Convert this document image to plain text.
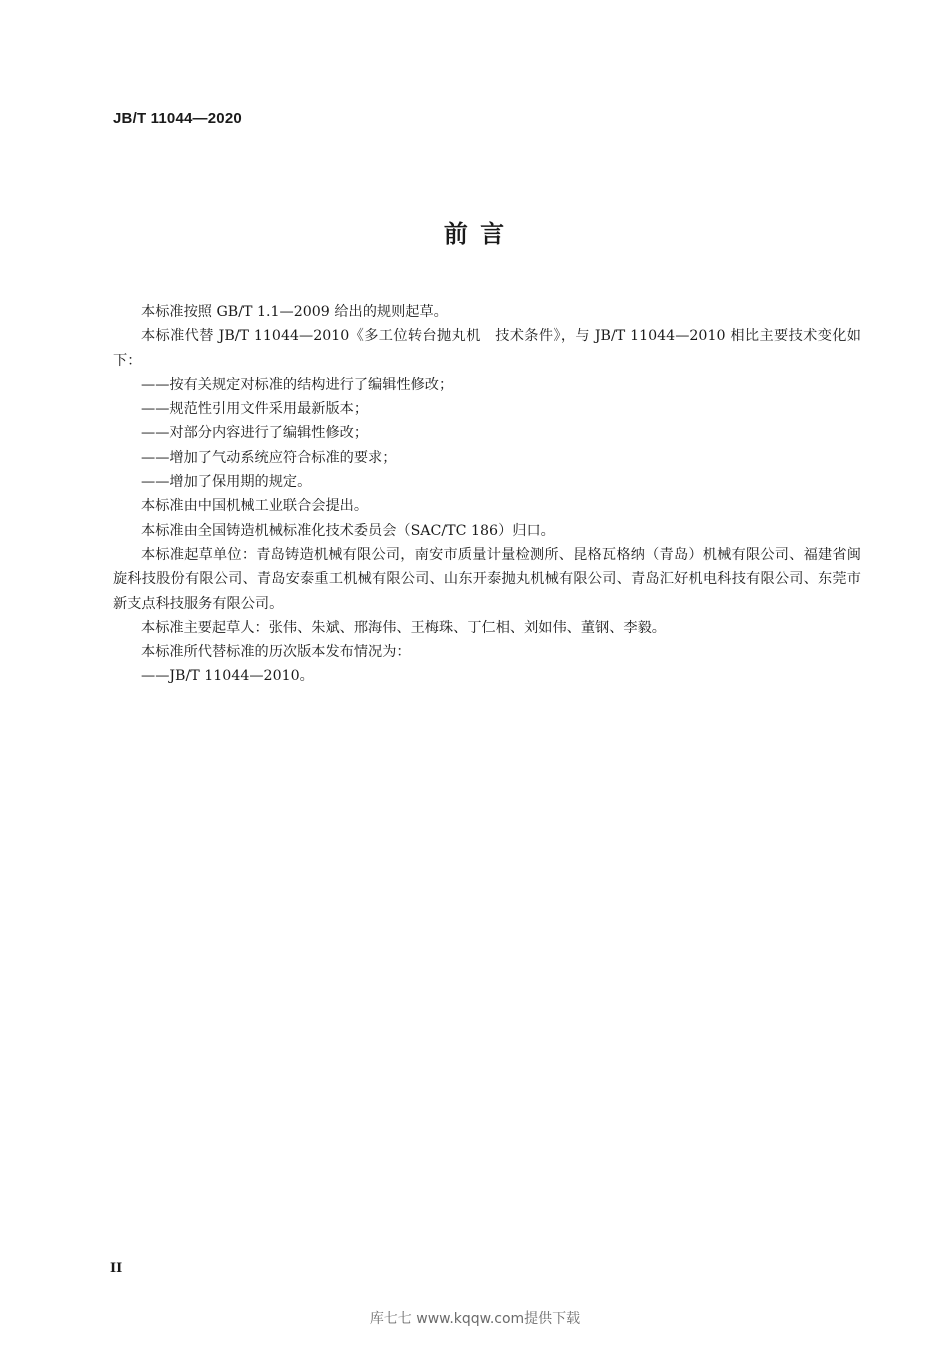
JB/T 11044—2020
前 言

本标准按照 GB/T 1.1—2009 给出的规则起草。

本标准代替 JB/T 11044—2010《多工位转台抛丸机　技术条件》，与 JB/T 11044—2010 相比主要技术变化如下：

——按有关规定对标准的结构进行了编辑性修改；

——规范性引用文件采用最新版本；

——对部分内容进行了编辑性修改；

——增加了气动系统应符合标准的要求；

——增加了保用期的规定。

本标准由中国机械工业联合会提出。

本标准由全国铸造机械标准化技术委员会（SAC/TC 186）归口。

本标准起草单位：青岛铸造机械有限公司，南安市质量计量检测所、昆格瓦格纳（青岛）机械有限公司、福建省闽旋科技股份有限公司、青岛安泰重工机械有限公司、山东开泰抛丸机械有限公司、青岛汇好机电科技有限公司、东莞市新支点科技服务有限公司。

本标准主要起草人：张伟、朱斌、邢海伟、王梅珠、丁仁相、刘如伟、董钢、李毅。

本标准所代替标准的历次版本发布情况为：

——JB/T 11044—2010。

II
库七七 www.kqqw.com提供下载
